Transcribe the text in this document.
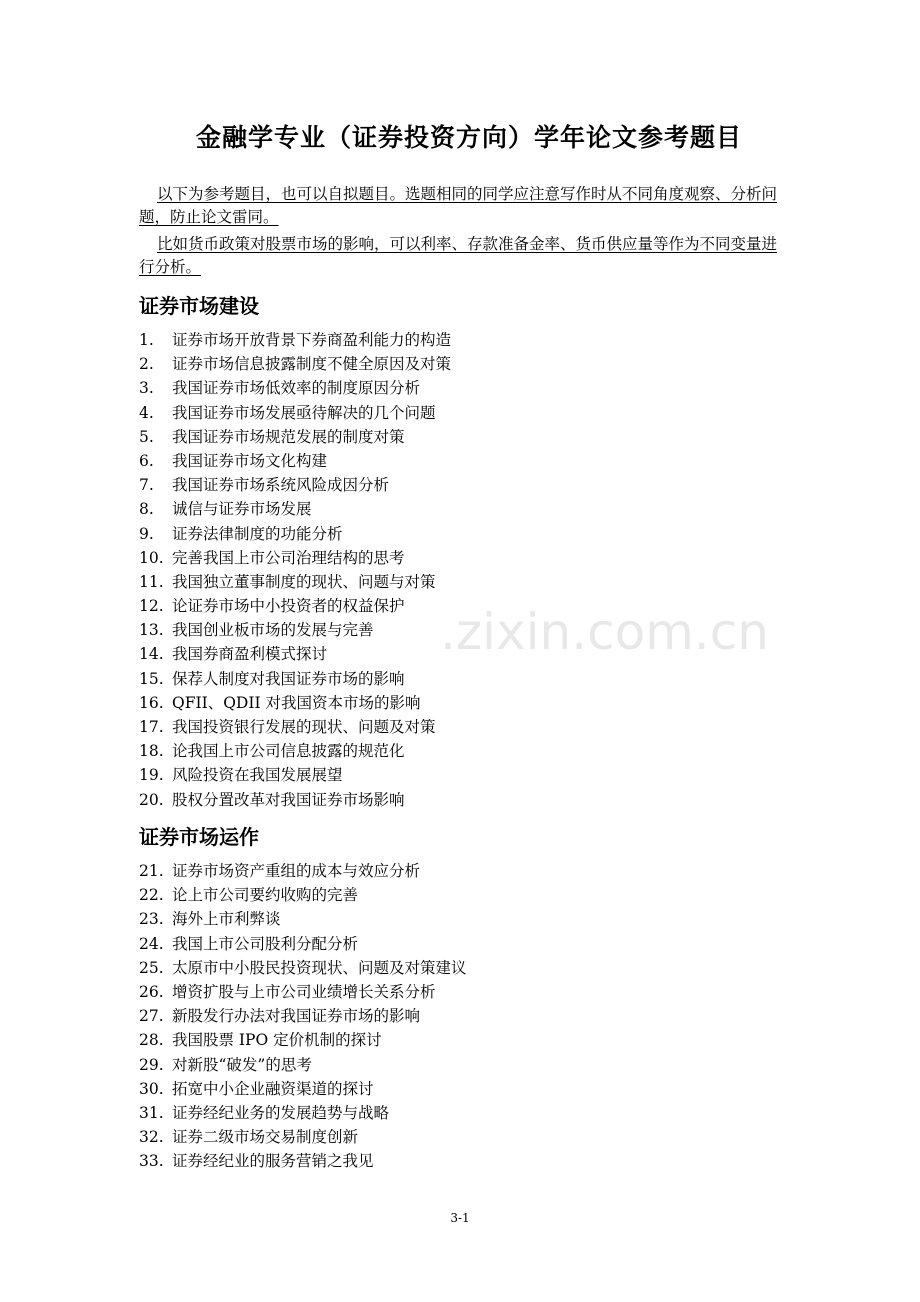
金融学专业（证券投资方向）学年论文参考题目
以下为参考题目，也可以自拟题目。选题相同的同学应注意写作时从不同角度观察、分析问题，防止论文雷同。
比如货币政策对股票市场的影响，可以利率、存款准备金率、货币供应量等作为不同变量进行分析。
证券市场建设
1. 证券市场开放背景下券商盈利能力的构造
2. 证券市场信息披露制度不健全原因及对策
3. 我国证券市场低效率的制度原因分析
4. 我国证券市场发展亟待解决的几个问题
5. 我国证券市场规范发展的制度对策
6. 我国证券市场文化构建
7. 我国证券市场系统风险成因分析
8. 诚信与证券市场发展
9. 证券法律制度的功能分析
10. 完善我国上市公司治理结构的思考
11. 我国独立董事制度的现状、问题与对策
12. 论证券市场中小投资者的权益保护
13. 我国创业板市场的发展与完善
14. 我国券商盈利模式探讨
15. 保荐人制度对我国证券市场的影响
16. QFII、QDII 对我国资本市场的影响
17. 我国投资银行发展的现状、问题及对策
18. 论我国上市公司信息披露的规范化
19. 风险投资在我国发展展望
20. 股权分置改革对我国证券市场影响
证券市场运作
21. 证券市场资产重组的成本与效应分析
22. 论上市公司要约收购的完善
23. 海外上市利弊谈
24. 我国上市公司股利分配分析
25. 太原市中小股民投资现状、问题及对策建议
26. 增资扩股与上市公司业绩增长关系分析
27. 新股发行办法对我国证券市场的影响
28. 我国股票 IPO 定价机制的探讨
29. 对新股“破发”的思考
30. 拓宽中小企业融资渠道的探讨
31. 证券经纪业务的发展趋势与战略
32. 证券二级市场交易制度创新
33. 证券经纪业的服务营销之我见
.zixin.com.cn
3-1
